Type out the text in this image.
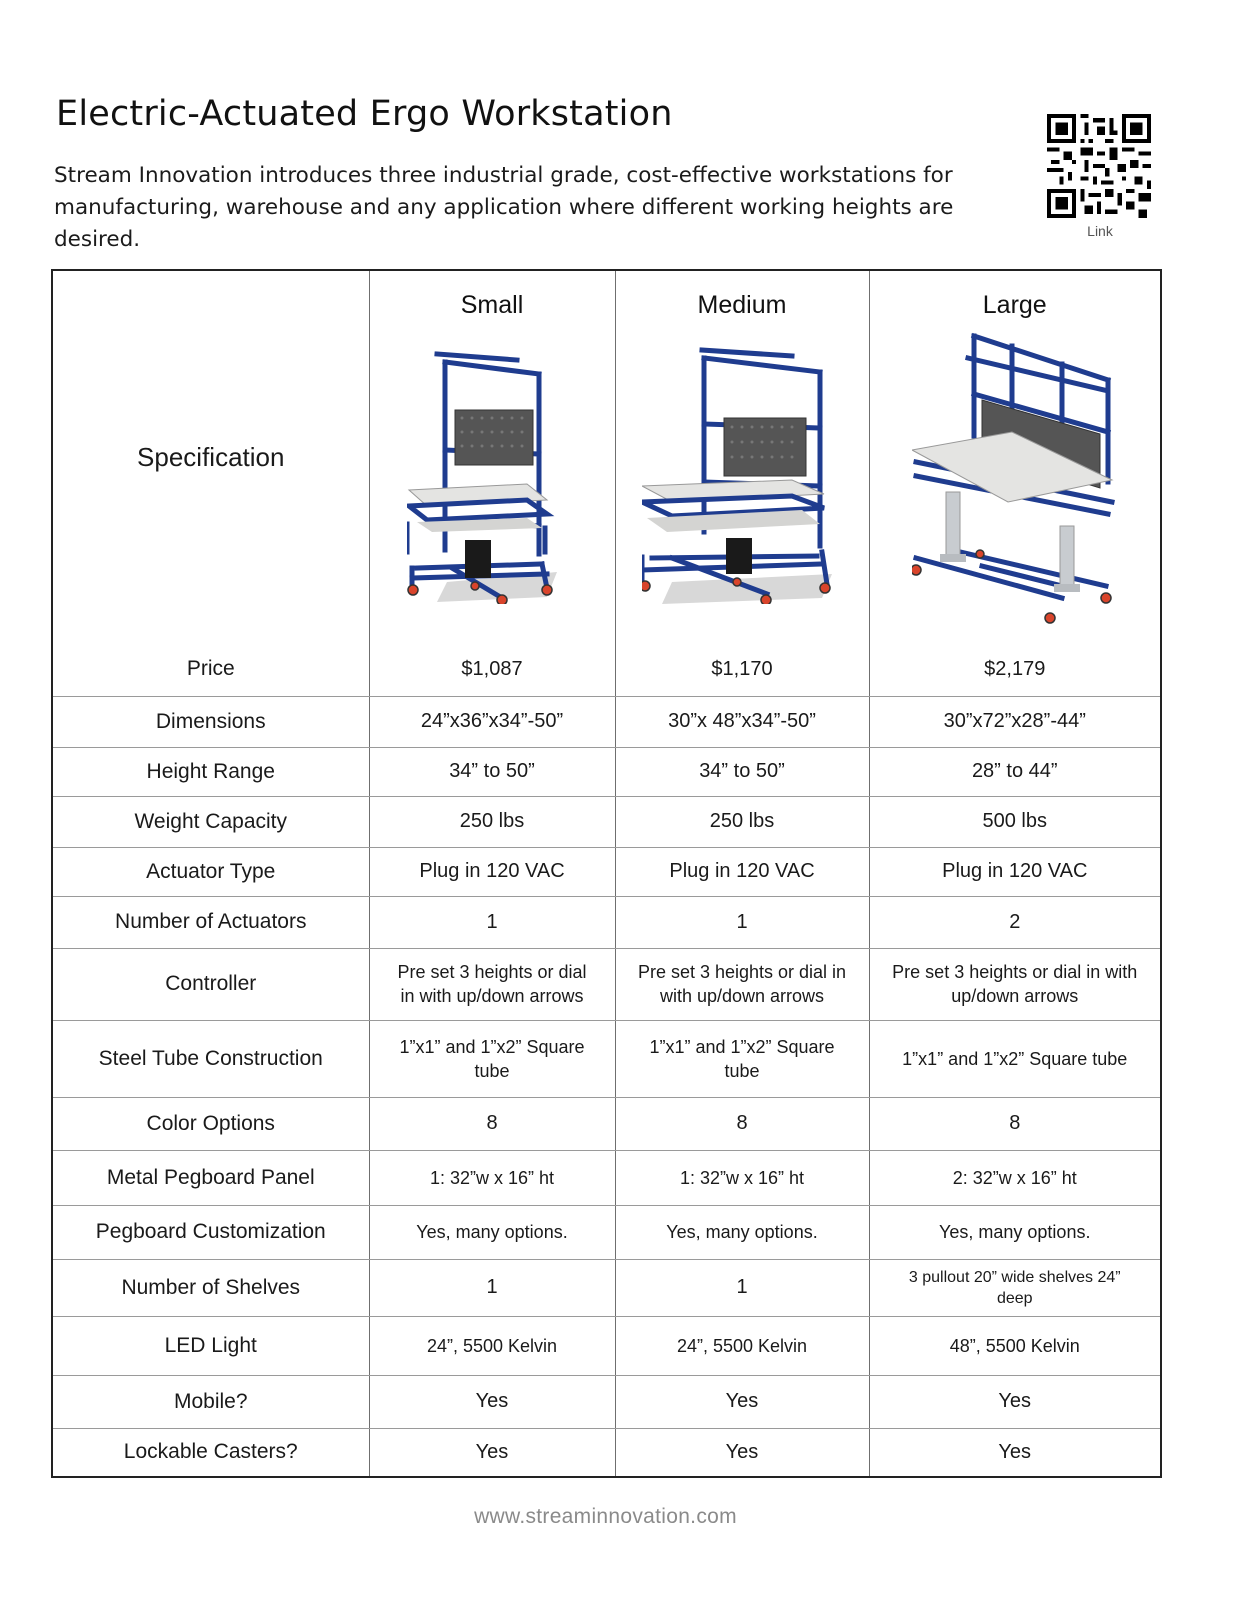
Electric-Actuated Ergo Workstation
Stream Innovation introduces three industrial grade, cost-effective workstations for
manufacturing, warehouse and any application where different working heights are desired.	Link
Specification	Small	Medium	Large

Price	$1,087	$1,170	$2,179
Dimensions	24”x36”x34”-50”	30”x 48”x34”-50”	30”x72”x28”-44”
Height Range	34” to 50”	34” to 50”	28” to 44”
Weight Capacity	250 lbs	250 lbs	500 lbs
Actuator Type	Plug in 120 VAC	Plug in 120 VAC	Plug in 120 VAC
Number of Actuators	1	1	2
Controller	Pre set 3 heights or dial in with up/down arrows	Pre set 3 heights or dial in with up/down arrows	Pre set 3 heights or dial in with up/down arrows
Steel Tube Construction	1”x1” and 1”x2” Square tube	1”x1” and 1”x2” Square tube	1”x1” and 1”x2” Square tube
Color Options	8	8	8
Metal Pegboard Panel	1: 32”w x 16” ht	1: 32”w x 16” ht	2: 32”w x 16” ht
Pegboard Customization	Yes, many options.	Yes, many options.	Yes, many options.
Number of Shelves	1	1	3 pullout 20” wide shelves 24” deep
LED Light	24”, 5500 Kelvin	24”, 5500 Kelvin	48”, 5500 Kelvin
Mobile?	Yes	Yes	Yes
Lockable Casters?	Yes	Yes	Yes
www.streaminnovation.com
